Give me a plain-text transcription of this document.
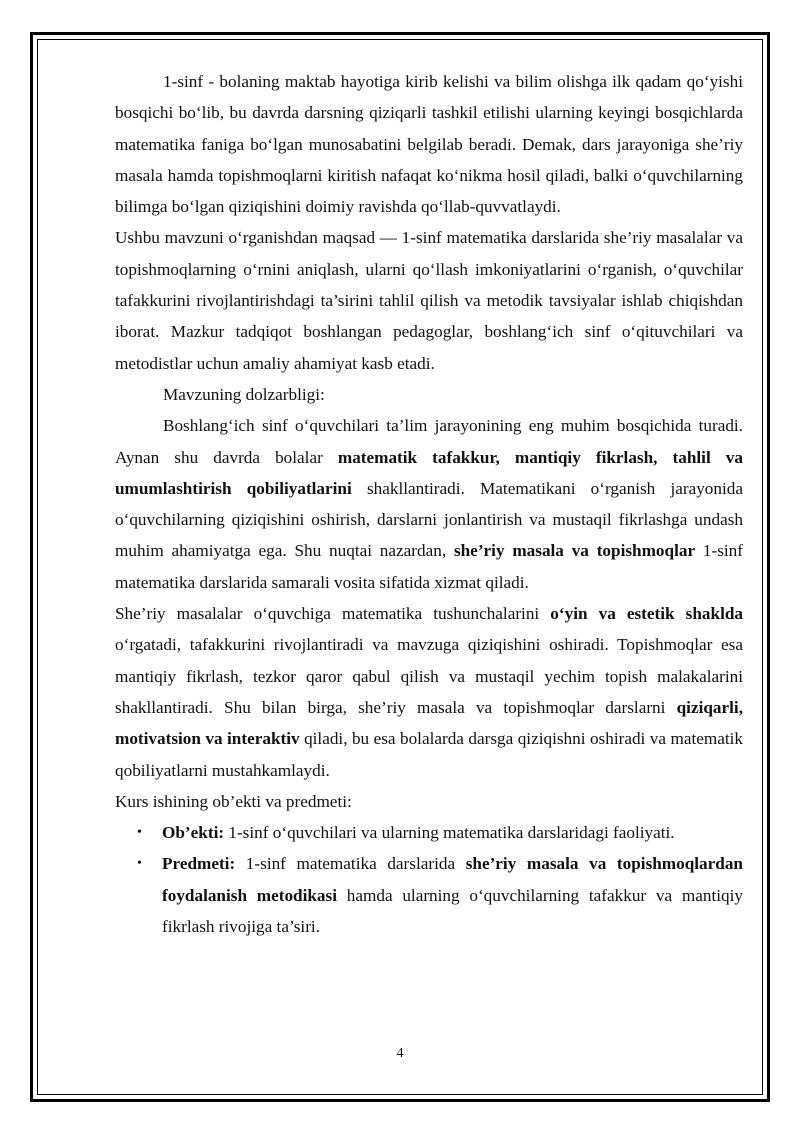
1-sinf - bolaning maktab hayotiga kirib kelishi va bilim olishga ilk qadam qoʻyishi bosqichi boʻlib, bu davrda darsning qiziqarli tashkil etilishi ularning keyingi bosqichlarda matematika faniga boʻlgan munosabatini belgilab beradi. Demak, dars jarayoniga she’riy masala hamda topishmoqlarni kiritish nafaqat koʻnikma hosil qiladi, balki oʻquvchilarning bilimga boʻlgan qiziqishini doimiy ravishda qoʻllab-quvvatlaydi.

Ushbu mavzuni oʻrganishdan maqsad — 1-sinf matematika darslarida she’riy masalalar va topishmoqlarning oʻrnini aniqlash, ularni qoʻllash imkoniyatlarini oʻrganish, oʻquvchilar tafakkurini rivojlantirishdagi ta’sirini tahlil qilish va metodik tavsiyalar ishlab chiqishdan iborat. Mazkur tadqiqot boshlangan pedagoglar, boshlangʻich sinf oʻqituvchilari va metodistlar uchun amaliy ahamiyat kasb etadi.

Mavzuning dolzarbligi:

Boshlangʻich sinf oʻquvchilari ta’lim jarayonining eng muhim bosqichida turadi. Aynan shu davrda bolalar matematik tafakkur, mantiqiy fikrlash, tahlil va umumlashtirish qobiliyatlarini shakllantiradi. Matematikani oʻrganish jarayonida oʻquvchilarning qiziqishini oshirish, darslarni jonlantirish va mustaqil fikrlashga undash muhim ahamiyatga ega. Shu nuqtai nazardan, she’riy masala va topishmoqlar 1-sinf matematika darslarida samarali vosita sifatida xizmat qiladi.

She’riy masalalar oʻquvchiga matematika tushunchalarini oʻyin va estetik shaklda oʻrgatadi, tafakkurini rivojlantiradi va mavzuga qiziqishini oshiradi. Topishmoqlar esa mantiqiy fikrlash, tezkor qaror qabul qilish va mustaqil yechim topish malakalarini shakllantiradi. Shu bilan birga, she’riy masala va topishmoqlar darslarni qiziqarli, motivatsion va interaktiv qiladi, bu esa bolalarda darsga qiziqishni oshiradi va matematik qobiliyatlarni mustahkamlaydi.

Kurs ishining ob’ekti va predmeti:

• Ob’ekti: 1-sinf oʻquvchilari va ularning matematika darslaridagi faoliyati.
• Predmeti: 1-sinf matematika darslarida she’riy masala va topishmoqlardan foydalanish metodikasi hamda ularning oʻquvchilarning tafakkur va mantiqiy fikrlash rivojiga ta’siri.
4
